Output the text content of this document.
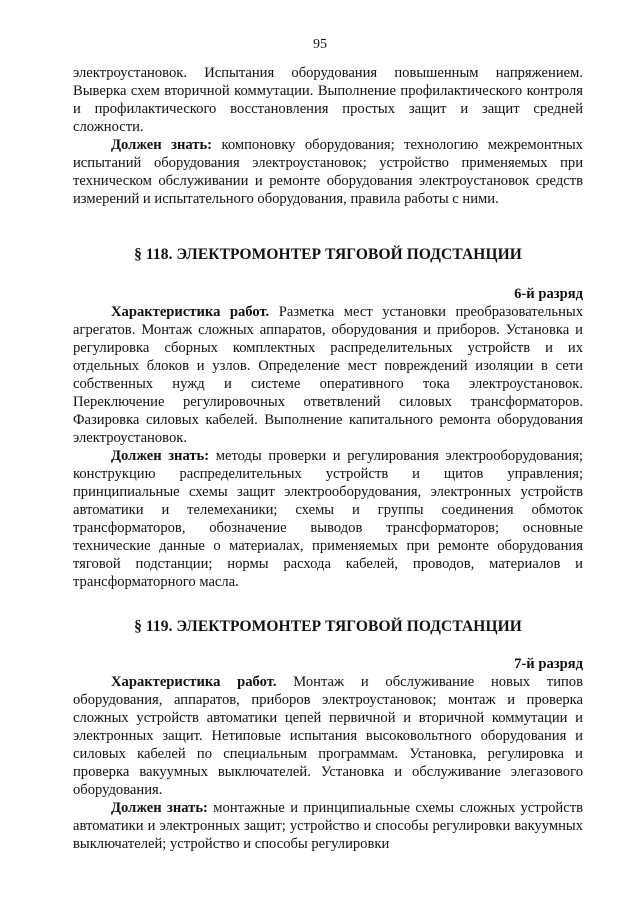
95

электроустановок. Испытания оборудования повышенным напряжением. Выверка схем вторичной коммутации. Выполнение профилактического контроля и профилактического восстановления простых защит и защит средней сложности.

Должен знать: компоновку оборудования; технологию межремонтных испытаний оборудования электроустановок; устройство применяемых при техническом обслуживании и ремонте оборудования электроустановок средств измерений и испытательного оборудования, правила работы с ними.

§ 118. ЭЛЕКТРОМОНТЕР ТЯГОВОЙ ПОДСТАНЦИИ
6-й разряд

Характеристика работ. Разметка мест установки преобразовательных агрегатов. Монтаж сложных аппаратов, оборудования и приборов. Установка и регулировка сборных комплектных распределительных устройств и их отдельных блоков и узлов. Определение мест повреждений изоляции в сети собственных нужд и системе оперативного тока электроустановок. Переключение регулировочных ответвлений силовых трансформаторов. Фазировка силовых кабелей. Выполнение капитального ремонта оборудования электроустановок.

Должен знать: методы проверки и регулирования электрооборудования; конструкцию распределительных устройств и щитов управления; принципиальные схемы защит электрооборудования, электронных устройств автоматики и телемеханики; схемы и группы соединения обмоток трансформаторов, обозначение выводов трансформаторов; основные технические данные о материалах, применяемых при ремонте оборудования тяговой подстанции; нормы расхода кабелей, проводов, материалов и трансформаторного масла.

§ 119. ЭЛЕКТРОМОНТЕР ТЯГОВОЙ ПОДСТАНЦИИ
7-й разряд

Характеристика работ. Монтаж и обслуживание новых типов оборудования, аппаратов, приборов электроустановок; монтаж и проверка сложных устройств автоматики цепей первичной и вторичной коммутации и электронных защит. Нетиповые испытания высоковольтного оборудования и силовых кабелей по специальным программам. Установка, регулировка и проверка вакуумных выключателей. Установка и обслуживание элегазового оборудования.

Должен знать: монтажные и принципиальные схемы сложных устройств автоматики и электронных защит; устройство и способы регулировки вакуумных выключателей; устройство и способы регулировки
